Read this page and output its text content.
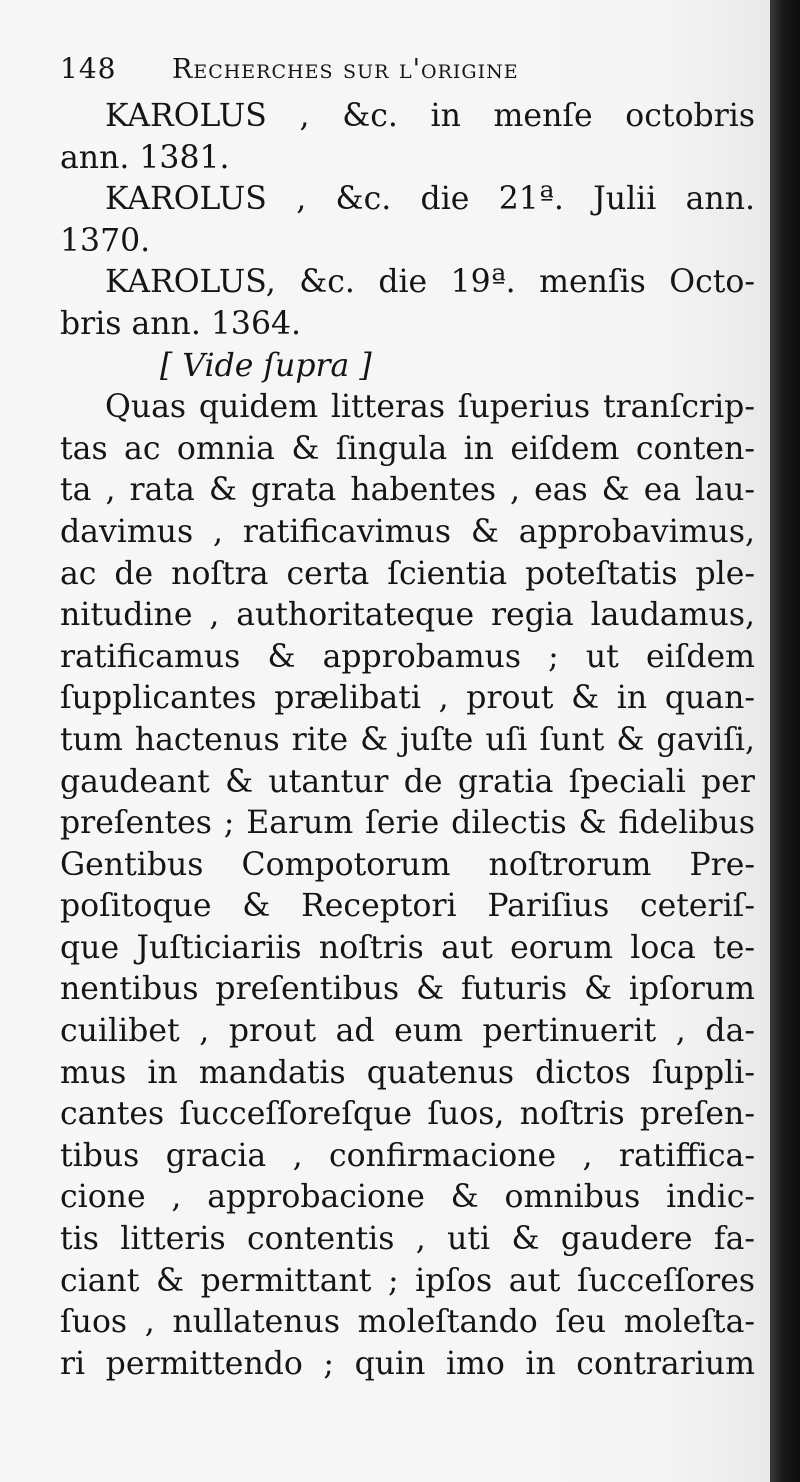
148	Recherches sur l'origine
KAROLUS , &c. in menſe octobris
ann. 1381.
KAROLUS , &c. die 21ª. Julii ann.
1370.
KAROLUS, &c. die 19ª. menſis Octo-
bris ann. 1364.
[ Vide ſupra ]
Quas quidem litteras ſuperius tranſcrip-
tas ac omnia & ſingula in eiſdem conten-
ta , rata & grata habentes , eas & ea lau-
davimus , ratificavimus & approbavimus,
ac de noſtra certa ſcientia poteſtatis ple-
nitudine , authoritateque regia laudamus,
ratificamus & approbamus ; ut eiſdem
ſupplicantes prælibati , prout & in quan-
tum hactenus rite & juſte uſi ſunt & gaviſi,
gaudeant & utantur de gratia ſpeciali per
preſentes ; Earum ſerie dilectis & fidelibus
Gentibus Compotorum noſtrorum Pre-
poſitoque & Receptori Pariſius ceteriſ-
que Juſticiariis noſtris aut eorum loca te-
nentibus preſentibus & futuris & ipſorum
cuilibet , prout ad eum pertinuerit , da-
mus in mandatis quatenus dictos ſuppli-
cantes ſucceſſoreſque ſuos, noſtris preſen-
tibus gracia , confirmacione , ratiffica-
cione , approbacione & omnibus indic-
tis litteris contentis , uti & gaudere fa-
ciant & permittant ; ipſos aut ſucceſſores
ſuos , nullatenus moleſtando ſeu moleſta-
ri permittendo ; quin imo in contrarium
